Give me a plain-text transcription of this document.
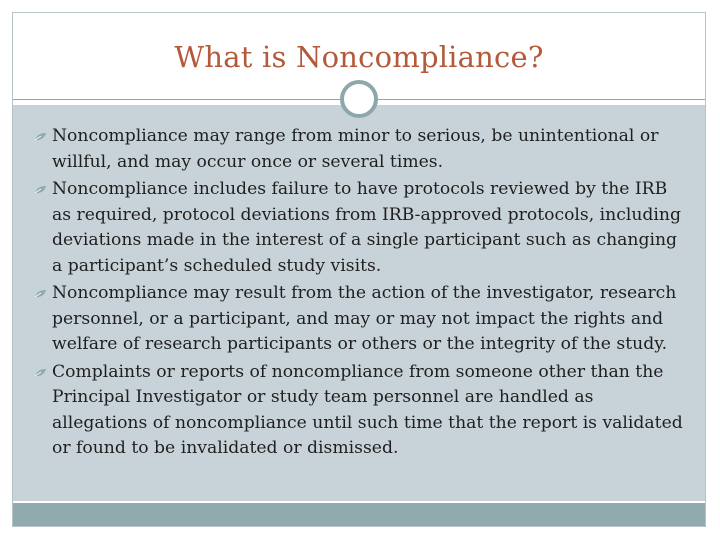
What is Noncompliance?
Noncompliance may range from minor to serious, be unintentional or willful, and may occur once or several times.
Noncompliance includes failure to have protocols reviewed by the IRB as required, protocol deviations from IRB-approved protocols, including deviations made in the interest of a single participant such as changing a participant’s scheduled study visits.
Noncompliance may result from the action of the investigator, research personnel, or a participant, and may or may not impact the rights and welfare of research participants or others or the integrity of the study.
Complaints or reports of noncompliance from someone other than the Principal Investigator or study team personnel are handled as allegations of noncompliance until such time that the report is validated or found to be invalidated or dismissed.
